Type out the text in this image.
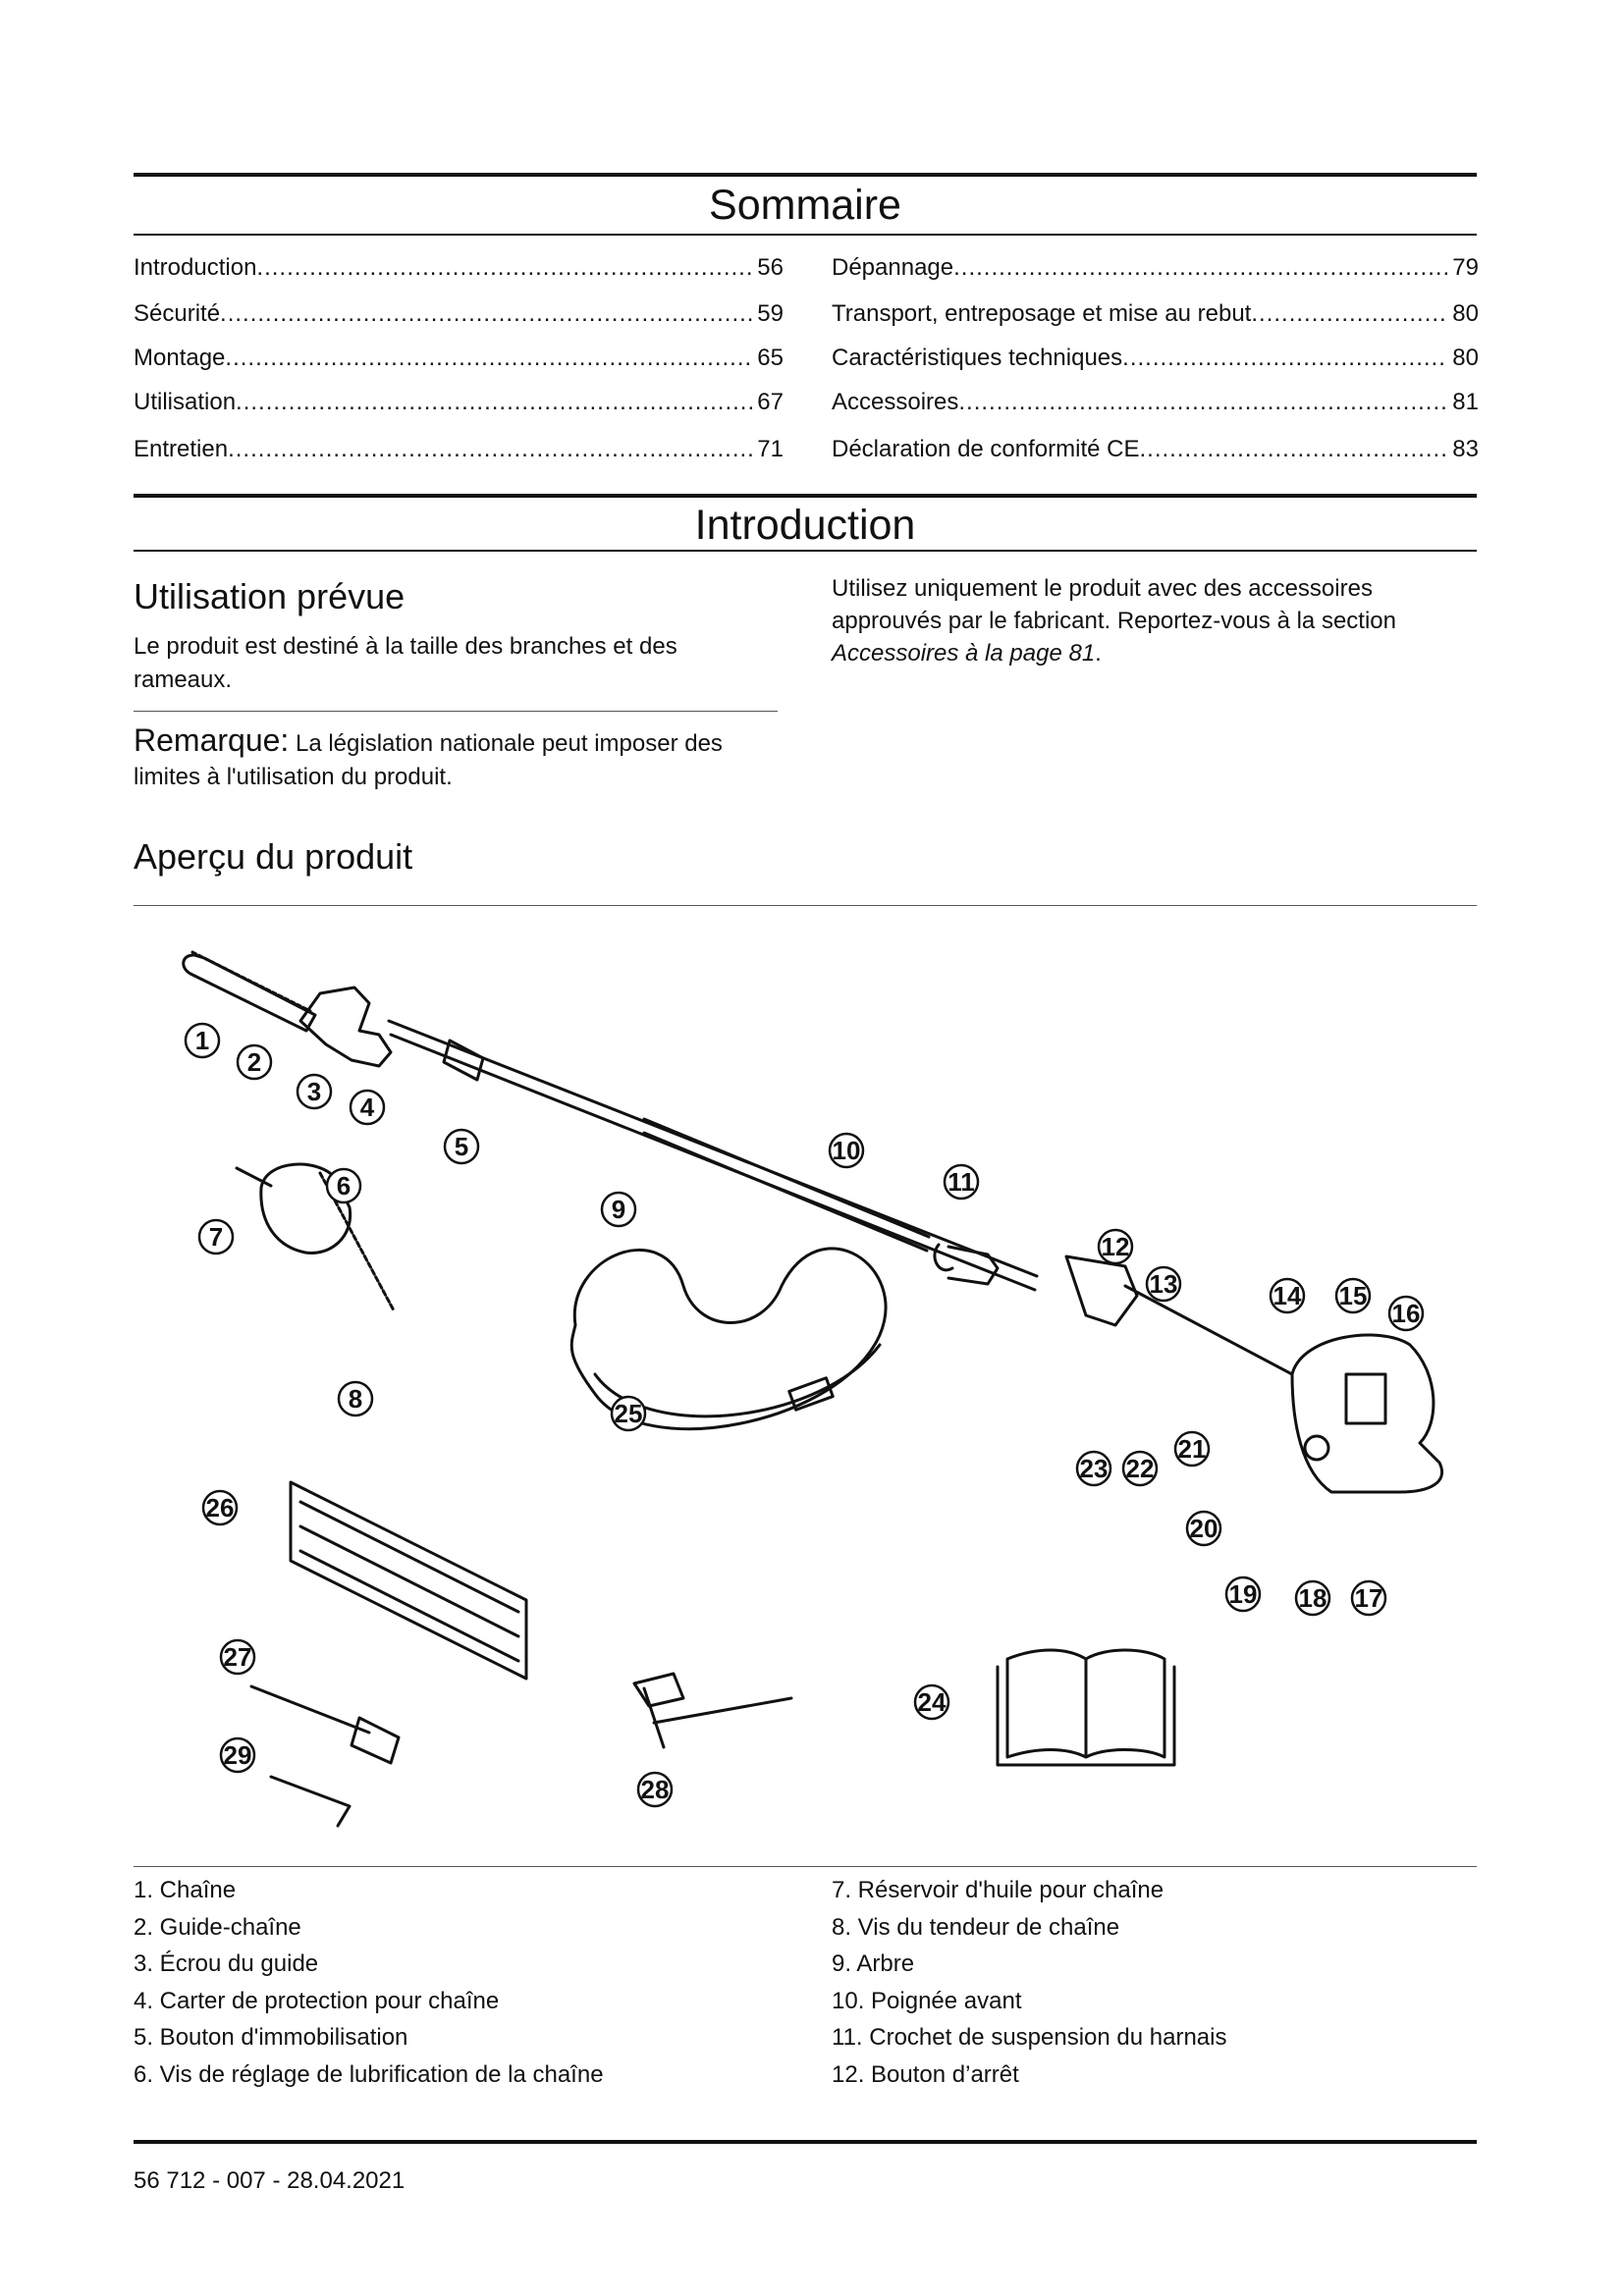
Sommaire
Introduction .....	56
Sécurité .....	59
Montage .....	65
Utilisation .....	67
Entretien .....	71
Dépannage .....	79
Transport, entreposage et mise au rebut .....	80
Caractéristiques techniques .....	80
Accessoires .....	81
Déclaration de conformité CE .....	83
Introduction
Utilisation prévue

Le produit est destiné à la taille des branches et des rameaux.

Remarque: La législation nationale peut imposer des limites à l'utilisation du produit.

Utilisez uniquement le produit avec des accessoires approuvés par le fabricant. Reportez-vous à la section Accessoires à la page 81.

Aperçu du produit
1
2
3
4
5
6
7
8
9
10
11
12
13	14 15
16
17
18
19
20
21
22
23
24
25
26
27
28
29
1. Chaîne
2. Guide-chaîne
3. Écrou du guide
4. Carter de protection pour chaîne
5. Bouton d'immobilisation
6. Vis de réglage de lubrification de la chaîne
7. Réservoir d'huile pour chaîne
8. Vis du tendeur de chaîne
9. Arbre
10. Poignée avant
11. Crochet de suspension du harnais
12. Bouton d’arrêt
56 712 - 007 - 28.04.2021
